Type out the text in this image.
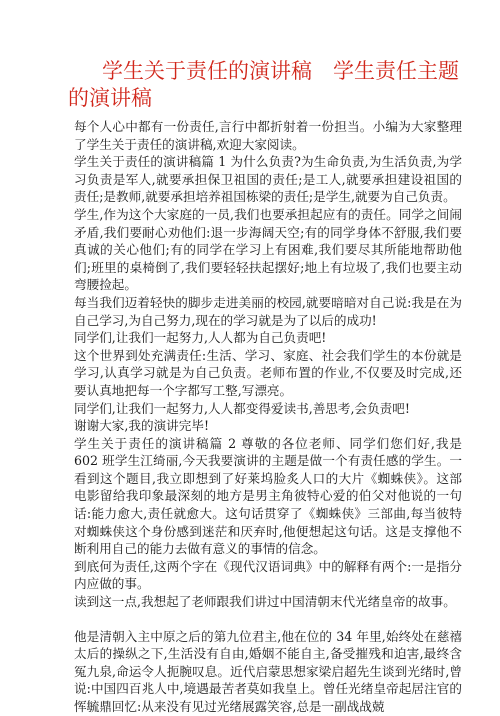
学生关于责任的演讲稿　学生责任主题的演讲稿

每个人心中都有一份责任,言行中都折射着一份担当。小编为大家整理了学生关于责任的演讲稿,欢迎大家阅读。

学生关于责任的演讲稿篇 1 为什么负责?为生命负责,为生活负责,为学习负责是军人,就要承担保卫祖国的责任;是工人,就要承担建设祖国的责任;是教师,就要承担培养祖国栋梁的责任;是学生,就要为自己负责。

学生,作为这个大家庭的一员,我们也要承担起应有的责任。同学之间闹矛盾,我们要耐心劝他们:退一步海阔天空;有的同学身体不舒服,我们要真诚的关心他们;有的同学在学习上有困难,我们要尽其所能地帮助他们;班里的桌椅倒了,我们要轻轻扶起摆好;地上有垃圾了,我们也要主动弯腰捡起。

每当我们迈着轻快的脚步走进美丽的校园,就要暗暗对自己说:我是在为自己学习,为自己努力,现在的学习就是为了以后的成功!

同学们,让我们一起努力,人人都为自己负责吧!

这个世界到处充满责任:生活、学习、家庭、社会我们学生的本份就是学习,认真学习就是为自己负责。老师布置的作业,不仅要及时完成,还要认真地把每一个字都写工整,写漂亮。

同学们,让我们一起努力,人人都变得爱读书,善思考,会负责吧!

谢谢大家,我的演讲完毕!

学生关于责任的演讲稿篇 2 尊敬的各位老师、同学们您们好,我是 602 班学生江绮丽,今天我要演讲的主题是做一个有责任感的学生。一看到这个题目,我立即想到了好莱坞脸炙人口的大片《蜘蛛侠》。这部电影留给我印象最深刻的地方是男主角彼特心爱的伯父对他说的一句话:能力愈大,责任就愈大。这句话贯穿了《蜘蛛侠》三部曲,每当彼特对蜘蛛侠这个身份感到迷茫和厌弃时,他便想起这句话。这是支撑他不断利用自己的能力去做有意义的事情的信念。

到底何为责任,这两个字在《现代汉语词典》中的解释有两个:一是指分内应做的事。

读到这一点,我想起了老师跟我们讲过中国清朝末代光绪皇帝的故事。

他是清朝入主中原之后的第九位君主,他在位的 34 年里,始终处在慈禧太后的操纵之下,生活没有自由,婚姻不能自主,备受摧残和迫害,最终含冤九泉,命运令人扼腕叹息。近代启蒙思想家梁启超先生谈到光绪时,曾说:中国四百兆人中,境遇最苦者莫如我皇上。曾任光绪皇帝起居注官的恽毓鼎回忆:从来没有见过光绪展露笑容,总是一副战战兢
